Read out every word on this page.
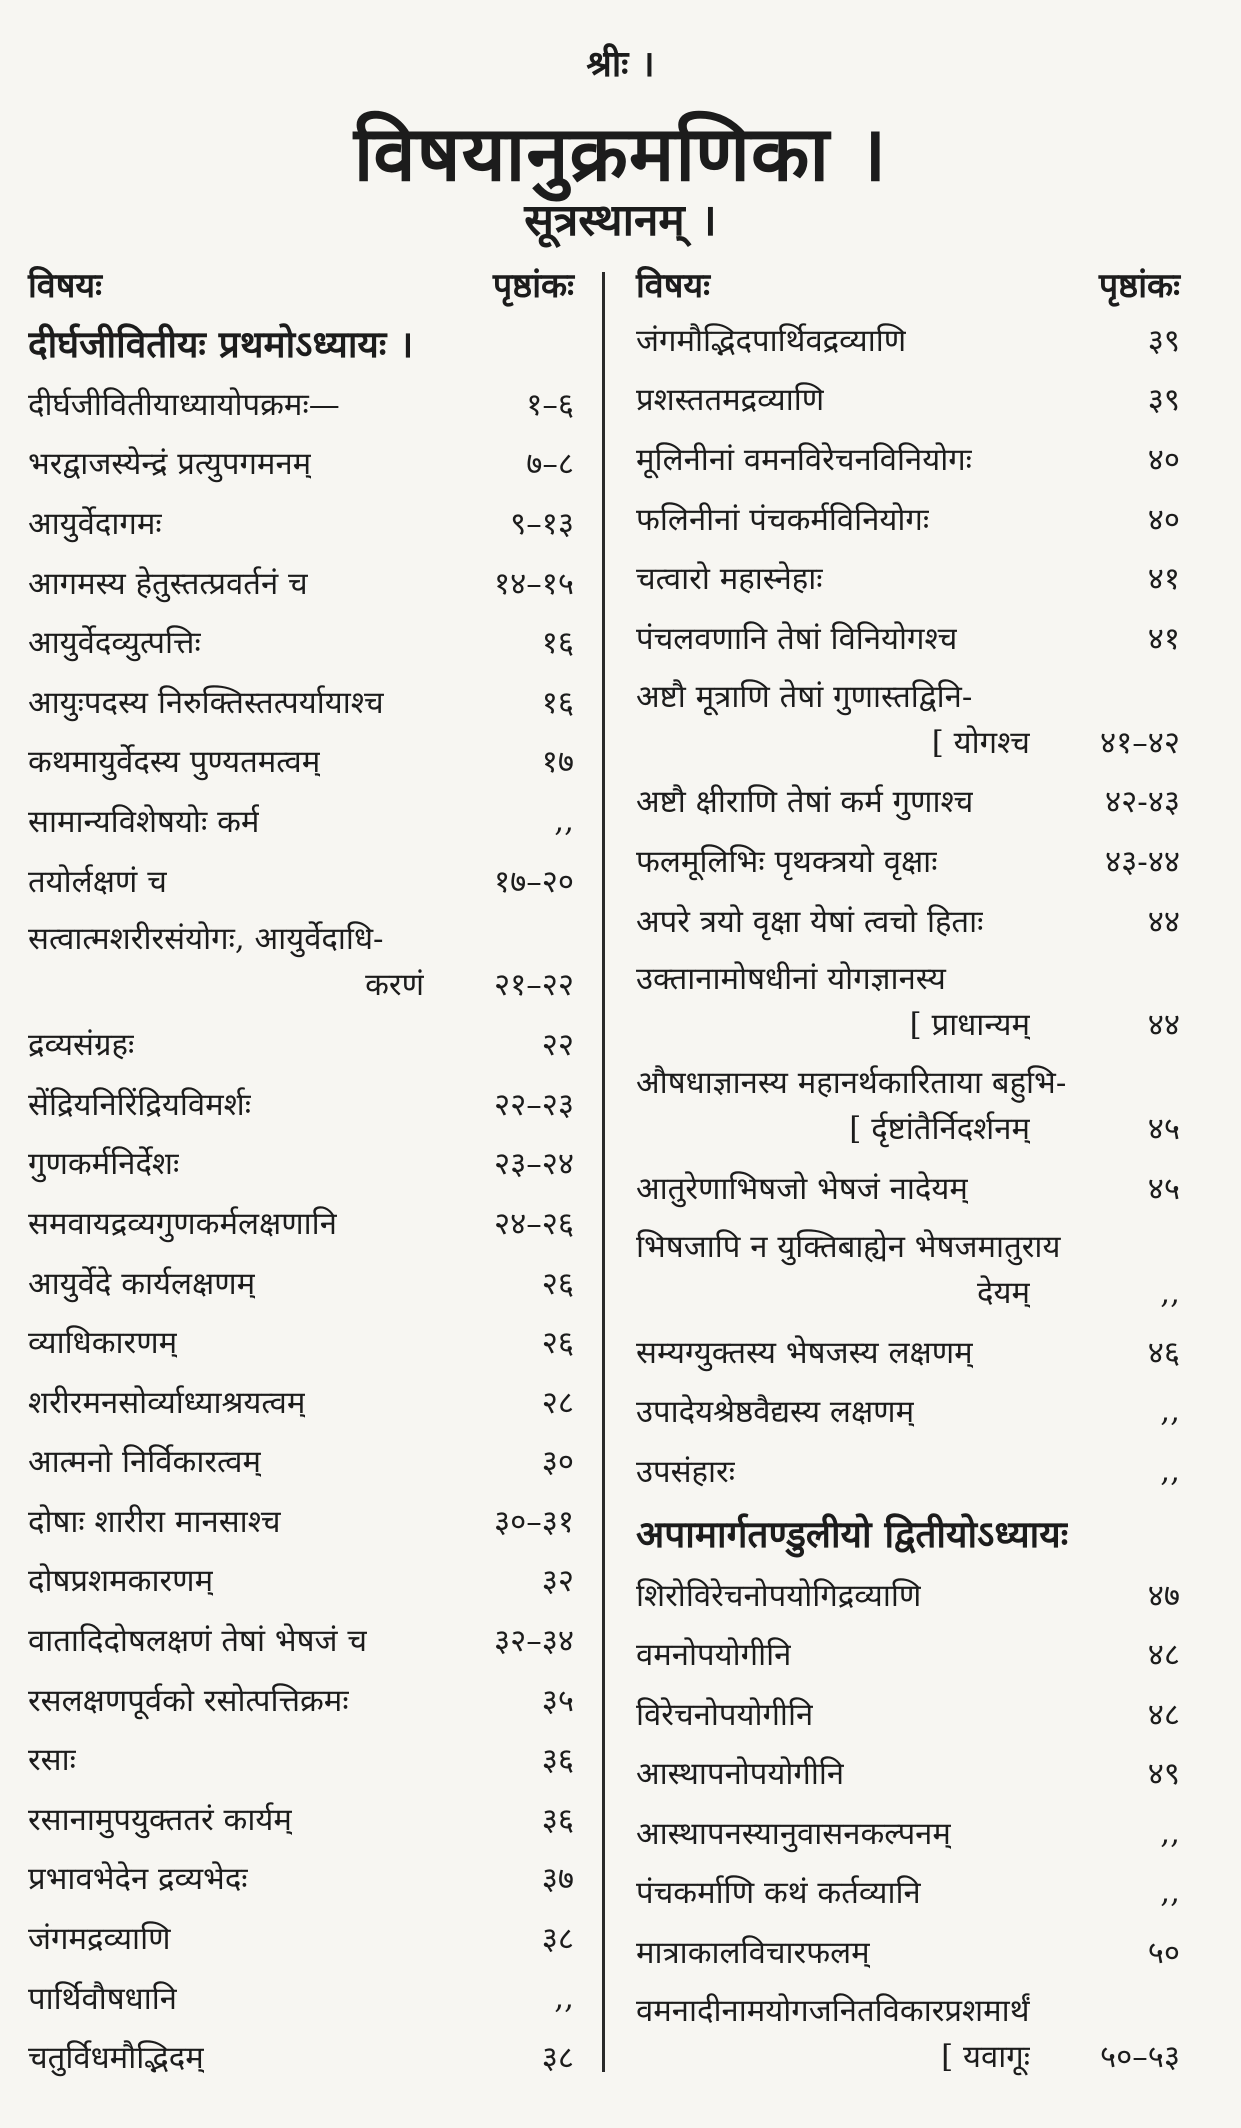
श्रीः ।
विषयानुक्रमणिका ।
सूत्रस्थानम् ।
विषयः	पृष्ठांकः
दीर्घजीवितीयः प्रथमोऽध्यायः ।
दीर्घजीवितीयाध्यायोपक्रमः—	१–६
भरद्वाजस्येन्द्रं प्रत्युपगमनम्	७–८
आयुर्वेदागमः	९–१३
आगमस्य हेतुस्तत्प्रवर्तनं च	१४–१५
आयुर्वेदव्युत्पत्तिः	१६
आयुःपदस्य निरुक्तिस्तत्पर्यायाश्च	१६
कथमायुर्वेदस्य पुण्यतमत्वम्	१७
सामान्यविशेषयोः कर्म	,,
तयोर्लक्षणं च	१७–२०
सत्वात्मशरीरसंयोगः, आयुर्वेदाधि-
करणं	२१–२२
द्रव्यसंग्रहः	२२
सेंद्रियनिरिंद्रियविमर्शः	२२–२३
गुणकर्मनिर्देशः	२३–२४
समवायद्रव्यगुणकर्मलक्षणानि	२४–२६
आयुर्वेदे कार्यलक्षणम्	२६
व्याधिकारणम्	२६
शरीरमनसोर्व्याध्याश्रयत्वम्	२८
आत्मनो निर्विकारत्वम्	३०
दोषाः शारीरा मानसाश्च	३०–३१
दोषप्रशमकारणम्	३२
वातादिदोषलक्षणं तेषां भेषजं च	३२–३४
रसलक्षणपूर्वको रसोत्पत्तिक्रमः	३५
रसाः	३६
रसानामुपयुक्ततरं कार्यम्	३६
प्रभावभेदेन द्रव्यभेदः	३७
जंगमद्रव्याणि	३८
पार्थिवौषधानि	,,
चतुर्विधमौद्भिदम्	३८
विषयः	पृष्ठांकः
जंगमौद्भिदपार्थिवद्रव्याणि	३९
प्रशस्ततमद्रव्याणि	३९
मूलिनीनां वमनविरेचनविनियोगः	४०
फलिनीनां पंचकर्मविनियोगः	४०
चत्वारो महास्नेहाः	४१
पंचलवणानि तेषां विनियोगश्च	४१
अष्टौ मूत्राणि तेषां गुणास्तद्विनि-
[ योगश्च	४१–४२
अष्टौ क्षीराणि तेषां कर्म गुणाश्च	४२-४३
फलमूलिभिः पृथक्त्रयो वृक्षाः	४३-४४
अपरे त्रयो वृक्षा येषां त्वचो हिताः	४४
उक्तानामोषधीनां योगज्ञानस्य
[ प्राधान्यम्	४४
औषधाज्ञानस्य महानर्थकारिताया बहुभि-
[ र्दृष्टांतैर्निदर्शनम्	४५
आतुरेणाभिषजो भेषजं नादेयम्	४५
भिषजापि न युक्तिबाह्येन भेषजमातुराय
देयम्	,,
सम्यग्युक्तस्य भेषजस्य लक्षणम्	४६
उपादेयश्रेष्ठवैद्यस्य लक्षणम्	,,
उपसंहारः	,,
अपामार्गतण्डुलीयो द्वितीयोऽध्यायः
शिरोविरेचनोपयोगिद्रव्याणि	४७
वमनोपयोगीनि	४८
विरेचनोपयोगीनि	४८
आस्थापनोपयोगीनि	४९
आस्थापनस्यानुवासनकल्पनम्	,,
पंचकर्माणि कथं कर्तव्यानि	,,
मात्राकालविचारफलम्	५०
वमनादीनामयोगजनितविकारप्रशमार्थं
[ यवागूः	५०–५३
